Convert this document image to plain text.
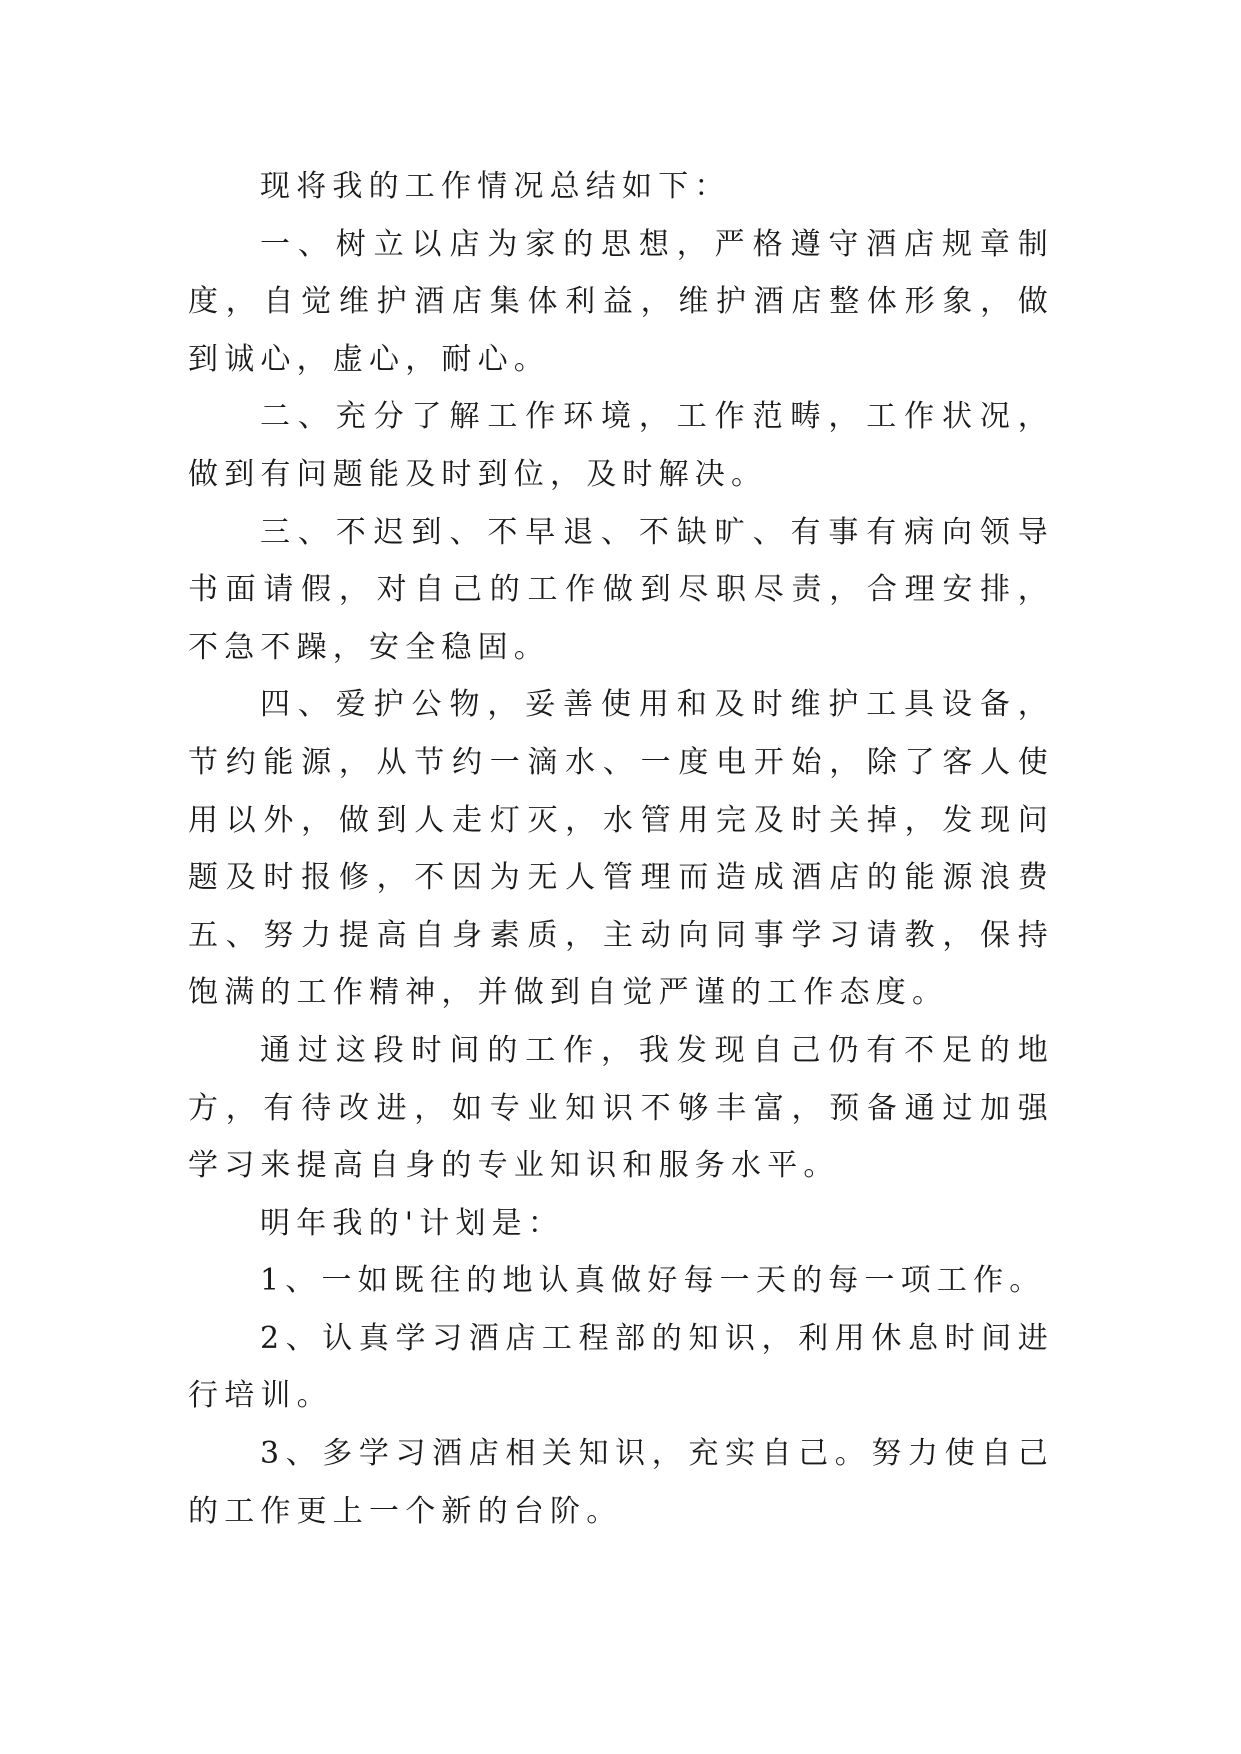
现将我的工作情况总结如下：

一、树立以店为家的思想，严格遵守酒店规章制度，自觉维护酒店集体利益，维护酒店整体形象，做到诚心，虚心，耐心。

二、充分了解工作环境，工作范畴，工作状况，做到有问题能及时到位，及时解决。

三、不迟到、不早退、不缺旷、有事有病向领导书面请假，对自己的工作做到尽职尽责，合理安排，不急不躁，安全稳固。

四、爱护公物，妥善使用和及时维护工具设备，节约能源，从节约一滴水、一度电开始，除了客人使用以外，做到人走灯灭，水管用完及时关掉，发现问题及时报修，不因为无人管理而造成酒店的能源浪费五、努力提高自身素质，主动向同事学习请教，保持饱满的工作精神，并做到自觉严谨的工作态度。

通过这段时间的工作，我发现自己仍有不足的地方，有待改进，如专业知识不够丰富，预备通过加强学习来提高自身的专业知识和服务水平。

明年我的'计划是：

1、一如既往的地认真做好每一天的每一项工作。

2、认真学习酒店工程部的知识，利用休息时间进行培训。

3、多学习酒店相关知识，充实自己。努力使自己的工作更上一个新的台阶。
